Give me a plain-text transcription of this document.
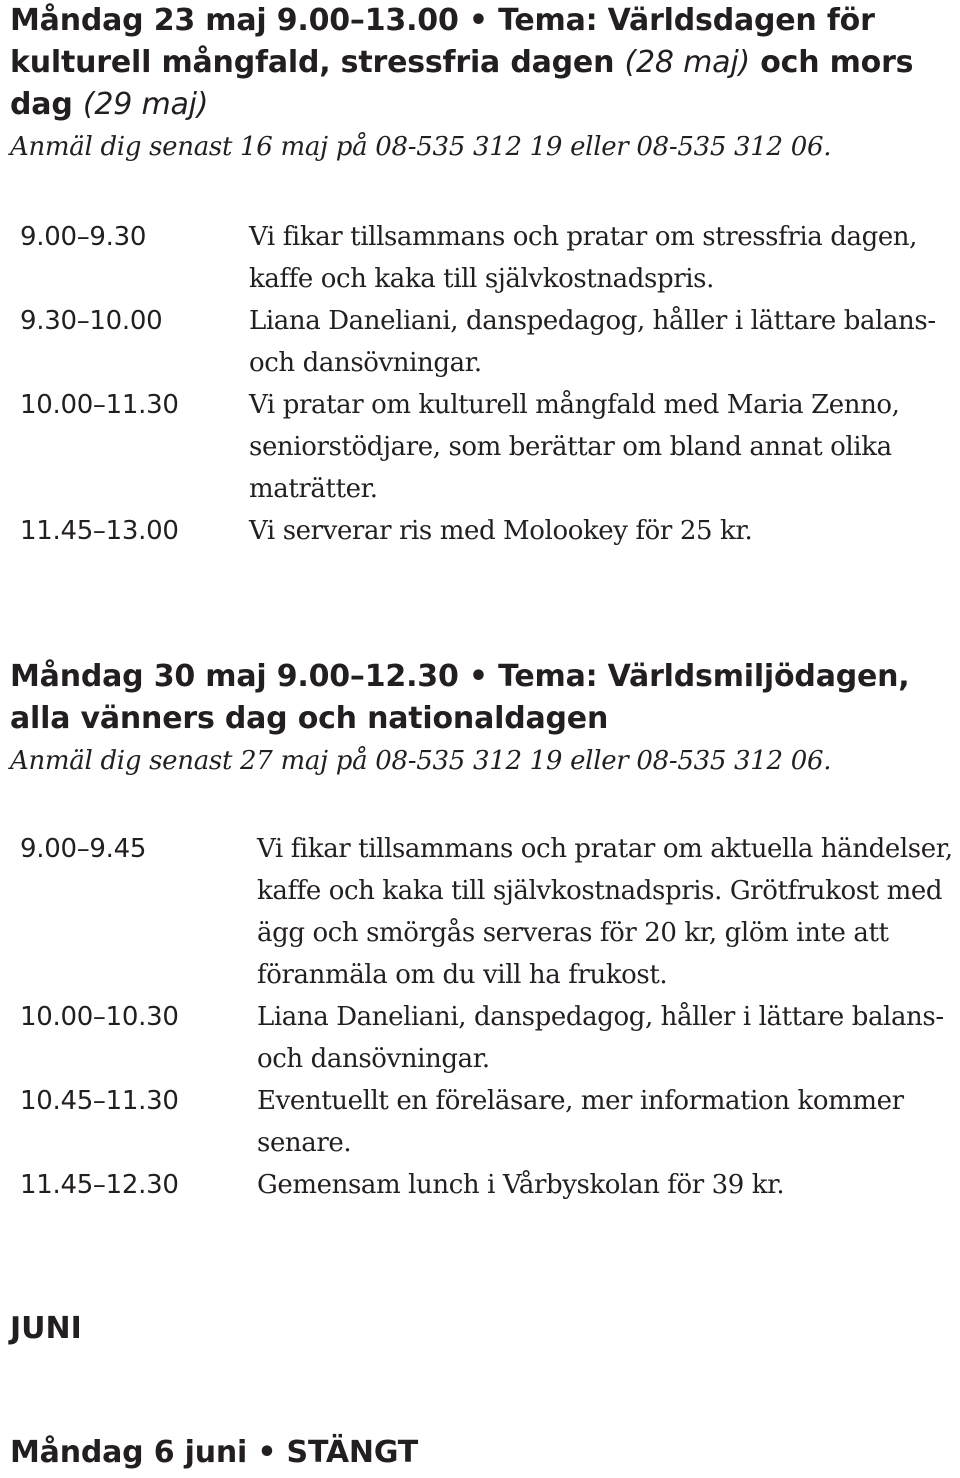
Måndag 23 maj 9.00–13.00 • Tema: Världsdagen för kulturell mångfald, stressfria dagen (28 maj) och mors dag (29 maj)

Anmäl dig senast 16 maj på 08-535 312 19 eller 08-535 312 06.

9.00–9.30	Vi fikar tillsammans och pratar om stressfria dagen, kaffe och kaka till självkostnadspris.
9.30–10.00	Liana Daneliani, danspedagog, håller i lättare balans- och dansövningar.
10.00–11.30	Vi pratar om kulturell mångfald med Maria Zenno, seniorstödjare, som berättar om bland annat olika maträtter.
11.45–13.00	Vi serverar ris med Molookey för 25 kr.
Måndag 30 maj 9.00–12.30 • Tema: Världsmiljödagen, alla vänners dag och nationaldagen

Anmäl dig senast 27 maj på 08-535 312 19 eller 08-535 312 06.

9.00–9.45	Vi fikar tillsammans och pratar om aktuella händelser, kaffe och kaka till självkostnadspris. Grötfrukost med ägg och smörgås serveras för 20 kr, glöm inte att föranmäla om du vill ha frukost.
10.00–10.30	Liana Daneliani, danspedagog, håller i lättare balans- och dansövningar.
10.45–11.30	Eventuellt en föreläsare, mer information kommer senare.
11.45–12.30	Gemensam lunch i Vårbyskolan för 39 kr.
JUNI
Måndag 6 juni • STÄNGT
